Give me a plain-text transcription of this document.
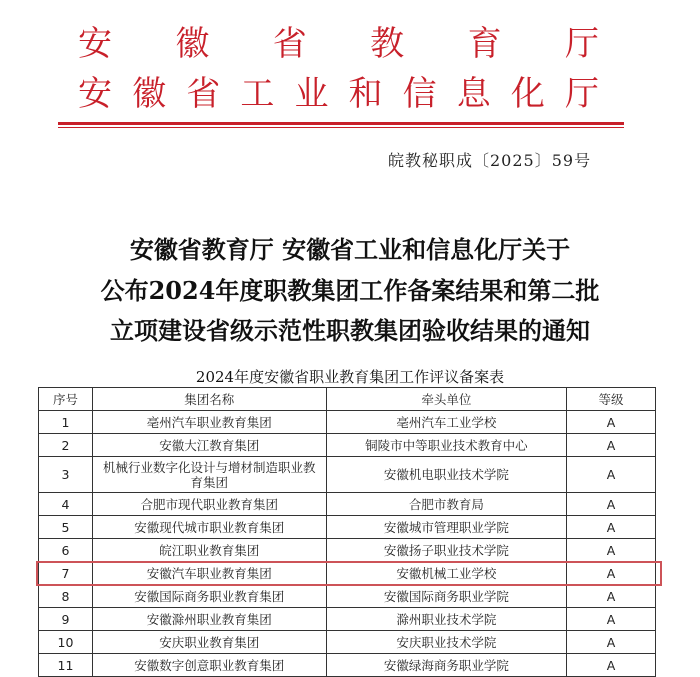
安 徽 省 教 育 厅
安 徽 省 工 业 和 信 息 化 厅
皖教秘职成〔2025〕59号
安徽省教育厅 安徽省工业和信息化厅关于
公布2024年度职教集团工作备案结果和第二批
立项建设省级示范性职教集团验收结果的通知
2024年度安徽省职业教育集团工作评议备案表
序号	集团名称	牵头单位	等级
1	亳州汽车职业教育集团	亳州汽车工业学校	A
2	安徽大江教育集团	铜陵市中等职业技术教育中心	A
3	机械行业数字化设计与增材制造职业教育集团	安徽机电职业技术学院	A
4	合肥市现代职业教育集团	合肥市教育局	A
5	安徽现代城市职业教育集团	安徽城市管理职业学院	A
6	皖江职业教育集团	安徽扬子职业技术学院	A
7	安徽汽车职业教育集团	安徽机械工业学校	A
8	安徽国际商务职业教育集团	安徽国际商务职业学院	A
9	安徽滁州职业教育集团	滁州职业技术学院	A
10	安庆职业教育集团	安庆职业技术学院	A
11	安徽数字创意职业教育集团	安徽绿海商务职业学院	A
